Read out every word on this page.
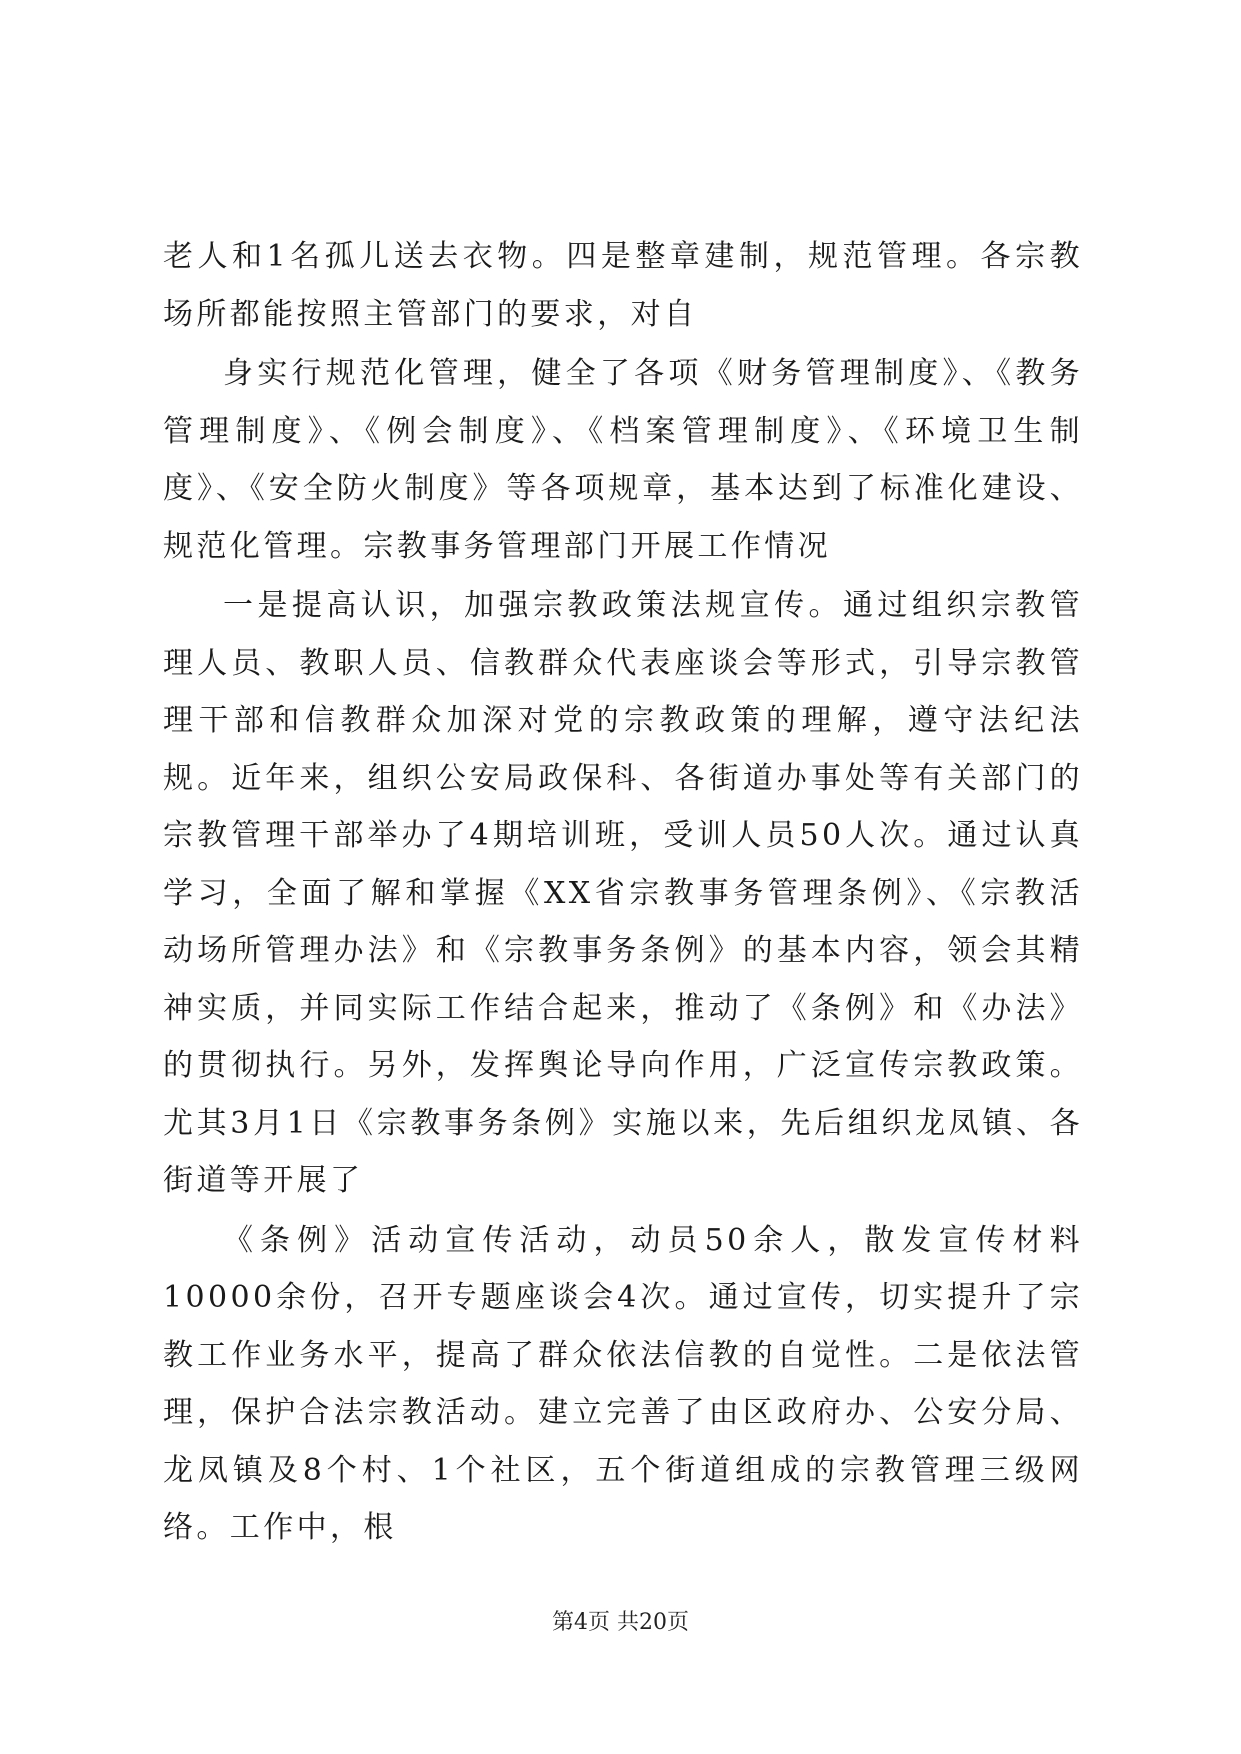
老人和1名孤儿送去衣物。四是整章建制，规范管理。各宗教场所都能按照主管部门的要求，对自

身实行规范化管理，健全了各项《财务管理制度》、《教务管理制度》、《例会制度》、《档案管理制度》、《环境卫生制度》、《安全防火制度》等各项规章，基本达到了标准化建设、规范化管理。宗教事务管理部门开展工作情况

一是提高认识，加强宗教政策法规宣传。通过组织宗教管理人员、教职人员、信教群众代表座谈会等形式，引导宗教管理干部和信教群众加深对党的宗教政策的理解，遵守法纪法规。近年来，组织公安局政保科、各街道办事处等有关部门的宗教管理干部举办了4期培训班，受训人员50人次。通过认真学习，全面了解和掌握《XX省宗教事务管理条例》、《宗教活动场所管理办法》和《宗教事务条例》的基本内容，领会其精神实质，并同实际工作结合起来，推动了《条例》和《办法》的贯彻执行。另外，发挥舆论导向作用，广泛宣传宗教政策。尤其3月1日《宗教事务条例》实施以来，先后组织龙凤镇、各街道等开展了

《条例》活动宣传活动，动员50余人，散发宣传材料10000余份，召开专题座谈会4次。通过宣传，切实提升了宗教工作业务水平，提高了群众依法信教的自觉性。二是依法管理，保护合法宗教活动。建立完善了由区政府办、公安分局、龙凤镇及8个村、1个社区，五个街道组成的宗教管理三级网络。工作中，根

第4页 共20页
